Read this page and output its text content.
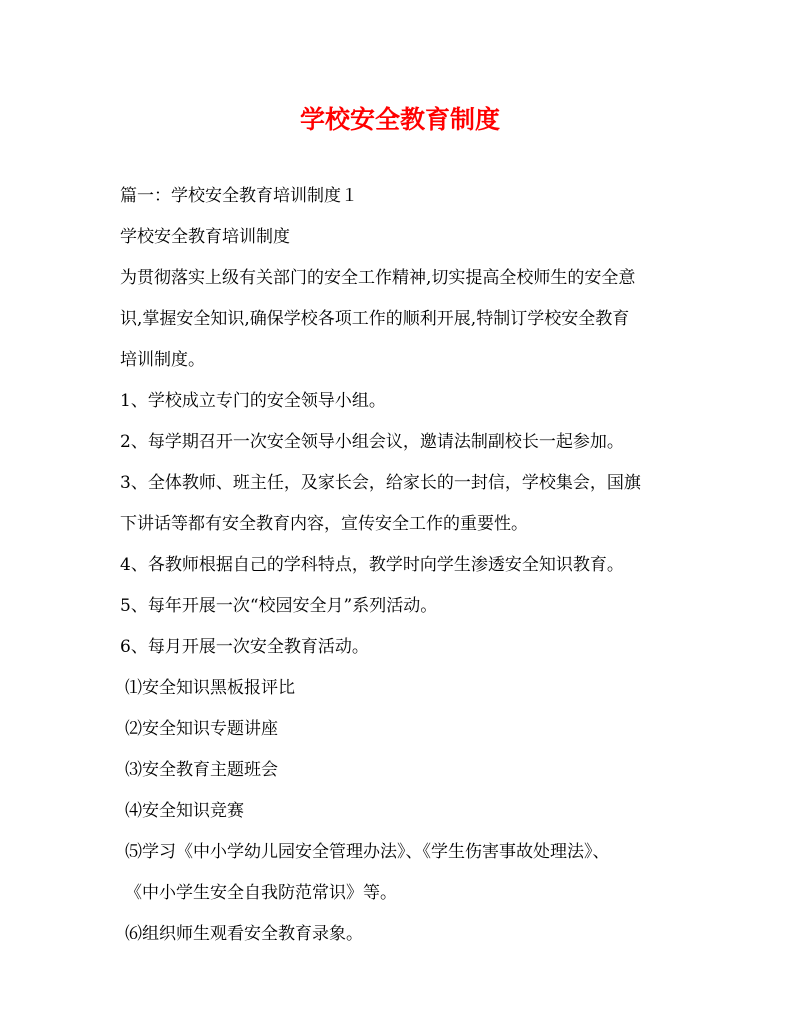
学校安全教育制度
篇一：学校安全教育培训制度１
学校安全教育培训制度
为贯彻落实上级有关部门的安全工作精神,切实提高全校师生的安全意
识,掌握安全知识,确保学校各项工作的顺利开展,特制订学校安全教育
培训制度。
1、学校成立专门的安全领导小组。
2、每学期召开一次安全领导小组会议，邀请法制副校长一起参加。
3、全体教师、班主任，及家长会，给家长的一封信，学校集会，国旗
下讲话等都有安全教育内容，宣传安全工作的重要性。
4、各教师根据自己的学科特点，教学时向学生渗透安全知识教育。
5、每年开展一次“校园安全月”系列活动。
6、每月开展一次安全教育活动。
⑴安全知识黑板报评比
⑵安全知识专题讲座
⑶安全教育主题班会
⑷安全知识竞赛
⑸学习《中小学幼儿园安全管理办法》、《学生伤害事故处理法》、
《中小学生安全自我防范常识》等。
⑹组织师生观看安全教育录象。
